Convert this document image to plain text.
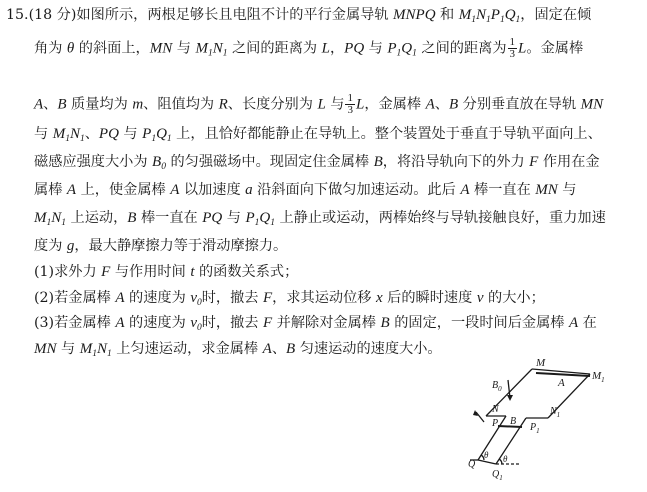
15.(18 分)如图所示，两根足够长且电阻不计的平行金属导轨 MNPQ 和 $M_1N_1P_1Q_1$，固定在倾
角为 θ 的斜面上，MN 与 $M_1N_1$ 之间的距离为 L，PQ 与 $P_1Q_1$ 之间的距离为 $\frac{1}{3}$ L。金属棒
A、B 质量均为 m、阻值均为 R、长度分别为 L 与 $\frac{1}{3}$ L，金属棒 A、B 分别垂直放在导轨 MN
与 $M_1N_1$、PQ 与 $P_1Q_1$ 上，且恰好都能静止在导轨上。整个装置处于垂直于导轨平面向上、
磁感应强度大小为 $B_0$ 的匀强磁场中。现固定住金属棒 B，将沿导轨向下的外力 F 作用在金
属棒 A 上，使金属棒 A 以加速度 a 沿斜面向下做匀加速运动。此后 A 棒一直在 MN 与
$M_1N_1$ 上运动，B 棒一直在 PQ 与 $P_1Q_1$ 上静止或运动，两棒始终与导轨接触良好，重力加速
度为 g，最大静摩擦力等于滑动摩擦力。
(1)求外力 F 与作用时间 t 的函数关系式；
(2)若金属棒 A 的速度为 $v_0$时，撤去 F，求其运动位移 x 后的瞬时速度 v 的大小；
(3)若金属棒 A 的速度为 $v_0$时，撤去 F 并解除对金属棒 B 的固定，一段时间后金属棒 A 在
MN 与 $M_1N_1$ 上匀速运动，求金属棒 A、B 匀速运动的速度大小。
M
$M_1$
A
$B_0$
N	$N_1$
P B
$P_1$
Q
θ θ
$Q_1$
